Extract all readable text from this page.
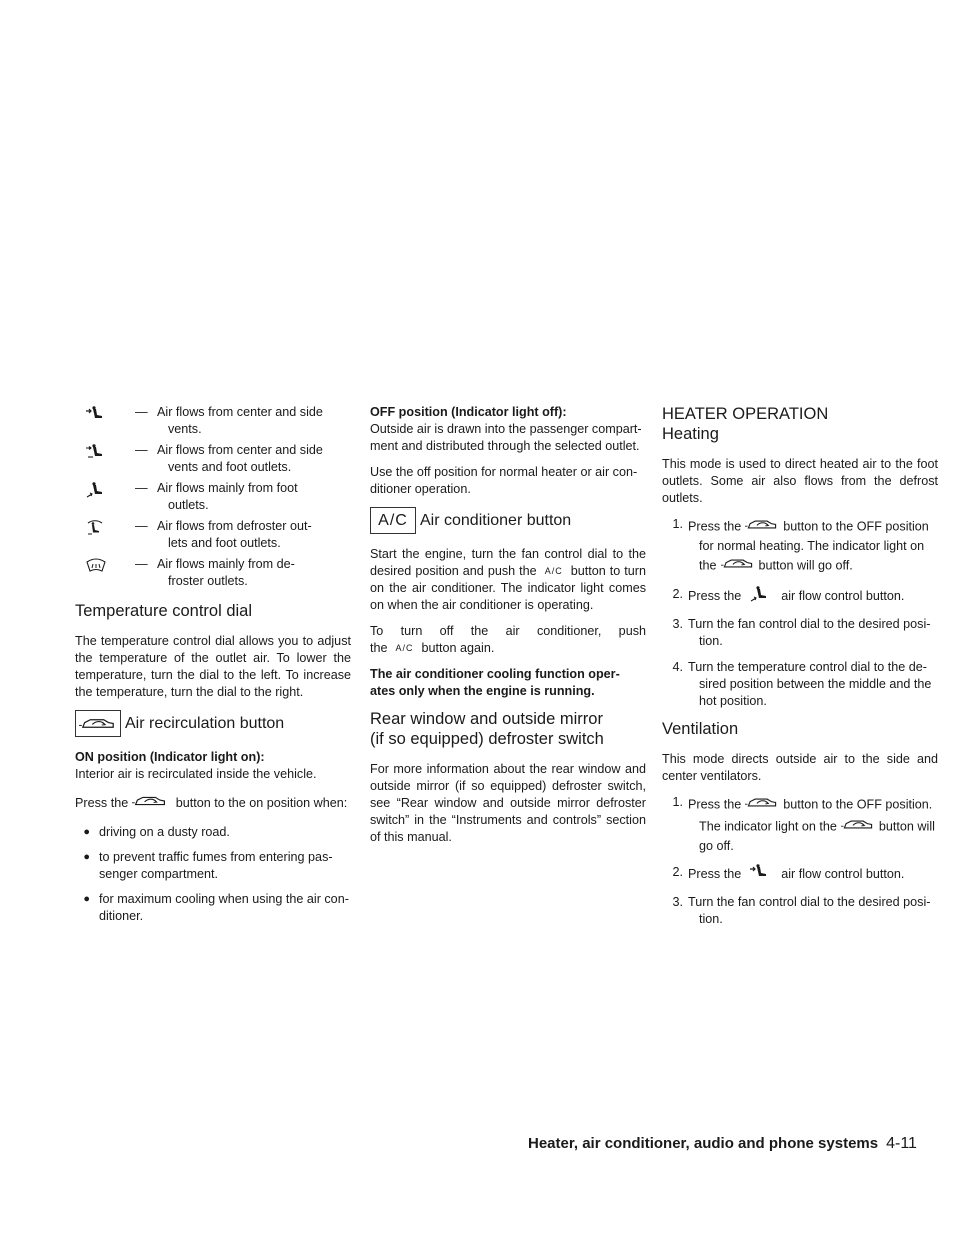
— Air flows from center and side
vents.
— Air flows from center and side
vents and foot outlets.
— Air flows mainly from foot
outlets.
— Air flows from defroster out-
lets and foot outlets.
— Air flows mainly from de-
froster outlets.
Temperature control dial

The temperature control dial allows you to adjust the temperature of the outlet air. To lower the temperature, turn the dial to the left. To increase the temperature, turn the dial to the right.

Air recirculation button
ON position (Indicator light on):

Interior air is recirculated inside the vehicle.

Press the	button to the on position when:

● driving on a dusty road.
● to prevent traffic fumes from entering pas- senger compartment.
● for maximum cooling when using the air con- ditioner.
OFF position (Indicator light off):

Outside air is drawn into the passenger compart- ment and distributed through the selected outlet.

Use the off position for normal heater or air con- ditioner operation.

A/C Air conditioner button

Start the engine, turn the fan control dial to the desired position and push the A/C button to turn on the air conditioner. The indicator light comes on when the air conditioner is operating.

To turn off the air conditioner, push the A/C button again.

The air conditioner cooling function oper- ates only when the engine is running.

Rear window and outside mirror
(if so equipped) defroster switch

For more information about the rear window and outside mirror (if so equipped) defroster switch, see “Rear window and outside mirror defroster switch” in the “Instruments and controls” section of this manual.

HEATER OPERATION
Heating

This mode is used to direct heated air to the foot outlets. Some air also flows from the defrost outlets.

1. Press the	button to the OFF position
for normal heating. The indicator light on
the	button will go off.
2. Press the	air flow control button.
3. Turn the fan control dial to the desired posi-
tion.
4. Turn the temperature control dial to the de-
sired position between the middle and the
hot position.
Ventilation

This mode directs outside air to the side and center ventilators.

1. Press the	button to the OFF position.
The indicator light on the	button will
go off.
2. Press the	air flow control button.
3. Turn the fan control dial to the desired posi-
tion.
Heater, air conditioner, audio and phone systems 4-11
